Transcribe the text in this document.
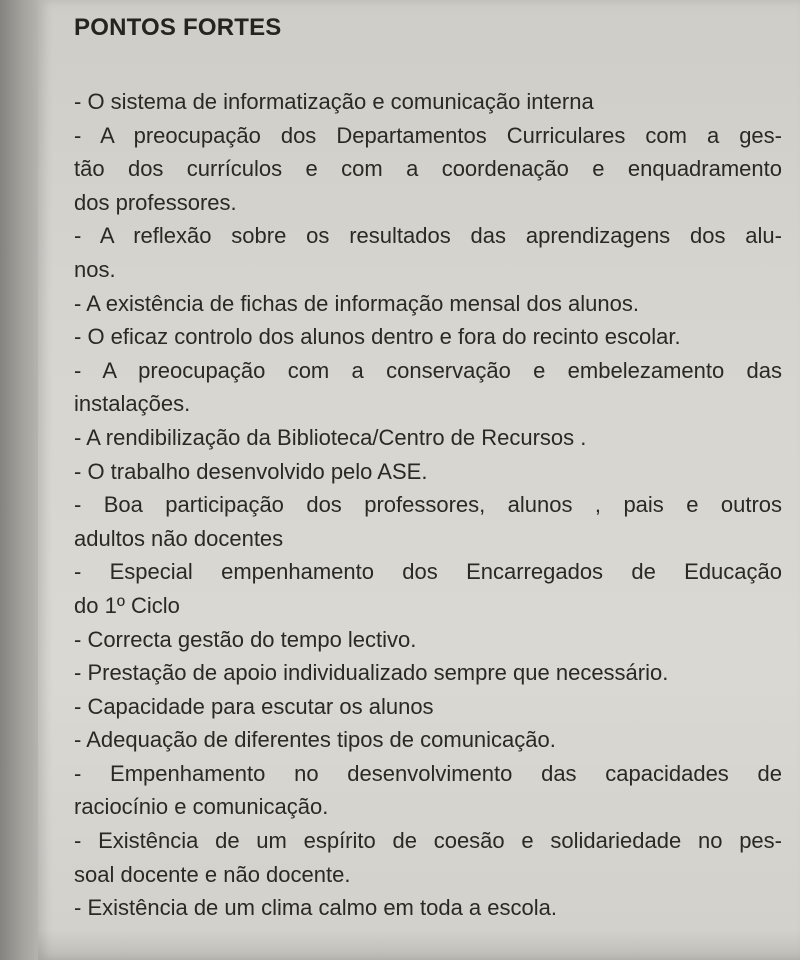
PONTOS FORTES
- O sistema de informatização e comunicação interna
- A preocupação dos Departamentos Curriculares com a ges-
tão dos currículos e com a coordenação e enquadramento
dos professores.
- A reflexão sobre os resultados das aprendizagens dos alu-
nos.
- A existência de fichas de informação mensal dos alunos.
- O eficaz controlo dos alunos dentro e fora do recinto escolar.
- A preocupação com a conservação e embelezamento das
instalações.
- A rendibilização da Biblioteca/Centro de Recursos .
- O trabalho desenvolvido pelo ASE.
- Boa participação dos professores, alunos , pais e outros
adultos não docentes
- Especial empenhamento dos Encarregados de Educação
do 1º Ciclo
- Correcta gestão do tempo lectivo.
- Prestação de apoio individualizado sempre que necessário.
- Capacidade para escutar os alunos
- Adequação de diferentes tipos de comunicação.
- Empenhamento no desenvolvimento das capacidades de
raciocínio e comunicação.
- Existência de um espírito de coesão e solidariedade no pes-
soal docente e não docente.
- Existência de um clima calmo em toda a escola.
